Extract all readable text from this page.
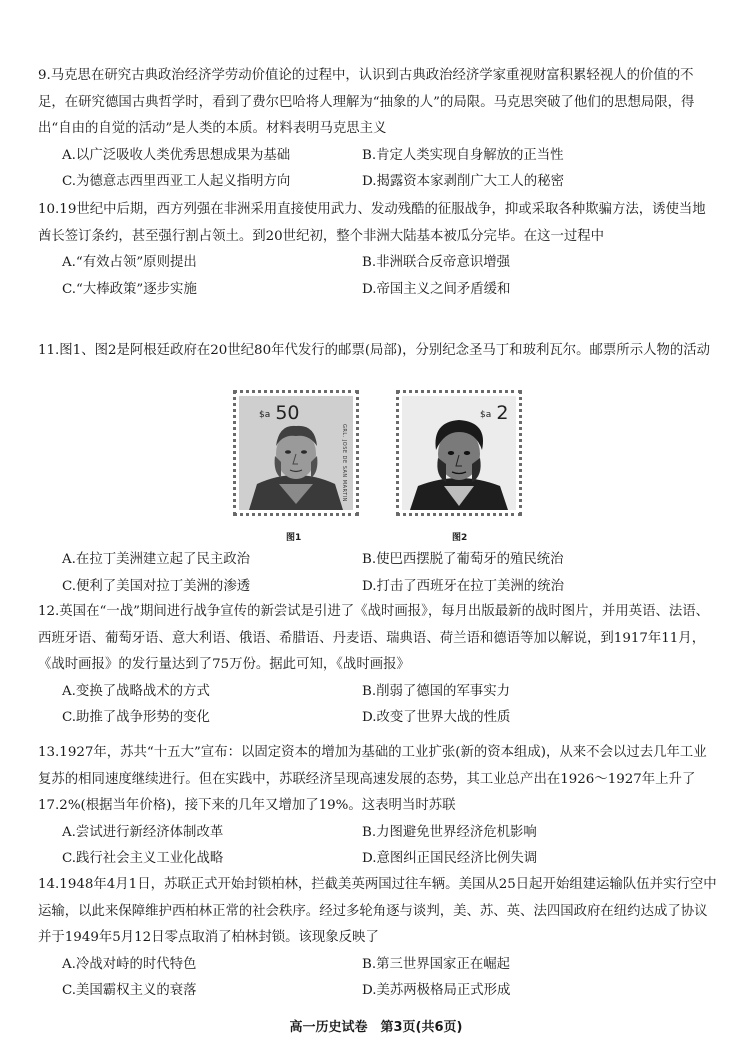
9.马克思在研究古典政治经济学劳动价值论的过程中，认识到古典政治经济学家重视财富积累轻视人的价值的不足，在研究德国古典哲学时，看到了费尔巴哈将人理解为“抽象的人”的局限。马克思突破了他们的思想局限，得出“自由的自觉的活动”是人类的本质。材料表明马克思主义

A.以广泛吸收人类优秀思想成果为基础	B.肯定人类实现自身解放的正当性
C.为德意志西里西亚工人起义指明方向	D.揭露资本家剥削广大工人的秘密

10.19世纪中后期，西方列强在非洲采用直接使用武力、发动残酷的征服战争，抑或采取各种欺骗方法，诱使当地酋长签订条约，甚至强行割占领土。到20世纪初，整个非洲大陆基本被瓜分完毕。在这一过程中

A.“有效占领”原则提出	B.非洲联合反帝意识增强
C.“大棒政策”逐步实施	D.帝国主义之间矛盾缓和

11.图1、图2是阿根廷政府在20世纪80年代发行的邮票(局部)，分别纪念圣马丁和玻利瓦尔。邮票所示人物的活动

$^{\$a}$ 50
GRL. JOSE DE SAN MARTIN
图1
$^{\$a}$ 2
图2
A.在拉丁美洲建立起了民主政治	B.使巴西摆脱了葡萄牙的殖民统治
C.便利了美国对拉丁美洲的渗透	D.打击了西班牙在拉丁美洲的统治

12.英国在“一战”期间进行战争宣传的新尝试是引进了《战时画报》，每月出版最新的战时图片，并用英语、法语、西班牙语、葡萄牙语、意大利语、俄语、希腊语、丹麦语、瑞典语、荷兰语和德语等加以解说，到1917年11月，《战时画报》的发行量达到了75万份。据此可知，《战时画报》

A.变换了战略战术的方式	B.削弱了德国的军事实力
C.助推了战争形势的变化	D.改变了世界大战的性质

13.1927年，苏共“十五大”宣布：以固定资本的增加为基础的工业扩张(新的资本组成)，从来不会以过去几年工业复苏的相同速度继续进行。但在实践中，苏联经济呈现高速发展的态势，其工业总产出在1926～1927年上升了17.2%(根据当年价格)，接下来的几年又增加了19%。这表明当时苏联

A.尝试进行新经济体制改革	B.力图避免世界经济危机影响
C.践行社会主义工业化战略	D.意图纠正国民经济比例失调

14.1948年4月1日，苏联正式开始封锁柏林，拦截美英两国过往车辆。美国从25日起开始组建运输队伍并实行空中运输，以此来保障维护西柏林正常的社会秩序。经过多轮角逐与谈判，美、苏、英、法四国政府在纽约达成了协议并于1949年5月12日零点取消了柏林封锁。该现象反映了

A.冷战对峙的时代特色	B.第三世界国家正在崛起
C.美国霸权主义的衰落	D.美苏两极格局正式形成
高一历史试卷　第3页(共6页)
